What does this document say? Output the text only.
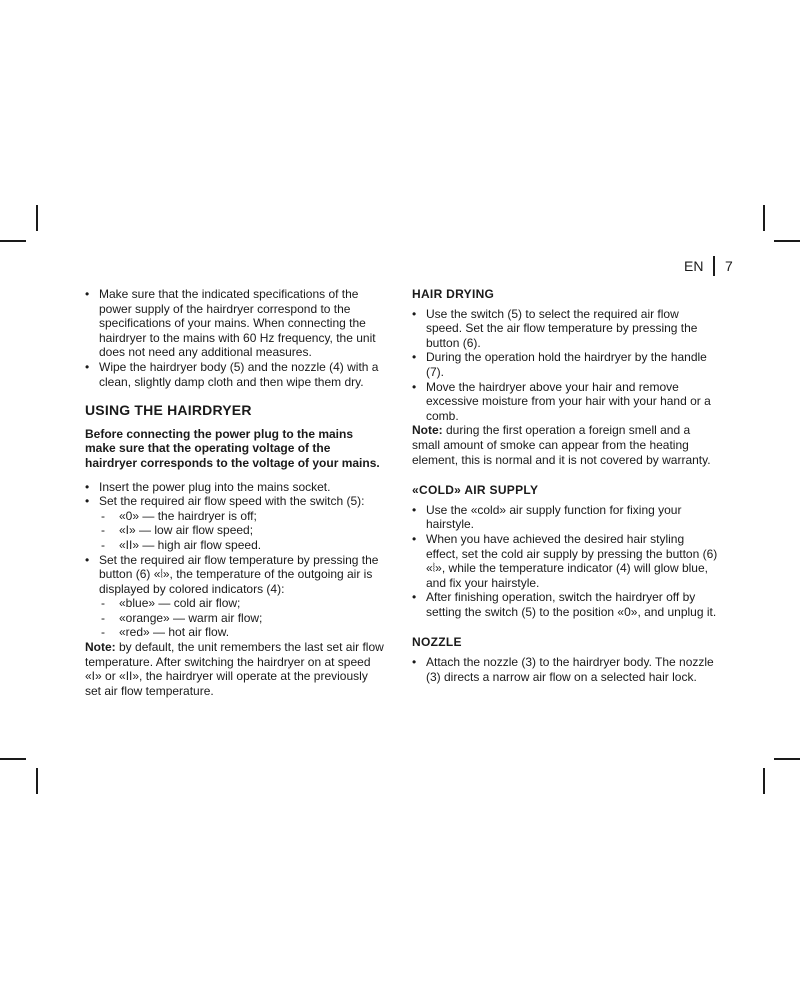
EN 7
• Make sure that the indicated specifications of the power supply of the hairdryer correspond to the specifications of your mains. When connecting the hairdryer to the mains with 60 Hz frequency, the unit does not need any additional measures.
• Wipe the hairdryer body (5) and the nozzle (4) with a clean, slightly damp cloth and then wipe them dry.
USING THE HAIRDRYER

Before connecting the power plug to the mains make sure that the operating voltage of the hairdryer corresponds to the voltage of your mains.

• Insert the power plug into the mains socket.
• Set the required air flow speed with the switch (5):
- «0» — the hairdryer is off;
- «I» — low air flow speed;
- «II» — high air flow speed.
• Set the required air flow temperature by pressing the button (6) «⦚», the temperature of the outgoing air is displayed by colored indicators (4):
- «blue» — cold air flow;
- «orange» — warm air flow;
- «red» — hot air flow.

Note: by default, the unit remembers the last set air flow temperature. After switching the hairdryer on at speed «I» or «II», the hairdryer will operate at the previously set air flow temperature.

HAIR DRYING
• Use the switch (5) to select the required air flow speed. Set the air flow temperature by pressing the button (6).
• During the operation hold the hairdryer by the handle (7).
• Move the hairdryer above your hair and remove excessive moisture from your hair with your hand or a comb.

Note: during the first operation a foreign smell and a small amount of smoke can appear from the heating element, this is normal and it is not covered by warranty.

«COLD» AIR SUPPLY
• Use the «cold» air supply function for fixing your hairstyle.
• When you have achieved the desired hair styling effect, set the cold air supply by pressing the button (6) «⦚», while the temperature indicator (4) will glow blue, and fix your hairstyle.
• After finishing operation, switch the hairdryer off by setting the switch (5) to the position «0», and unplug it.
NOZZLE
• Attach the nozzle (3) to the hairdryer body. The nozzle (3) directs a narrow air flow on a selected hair lock.
